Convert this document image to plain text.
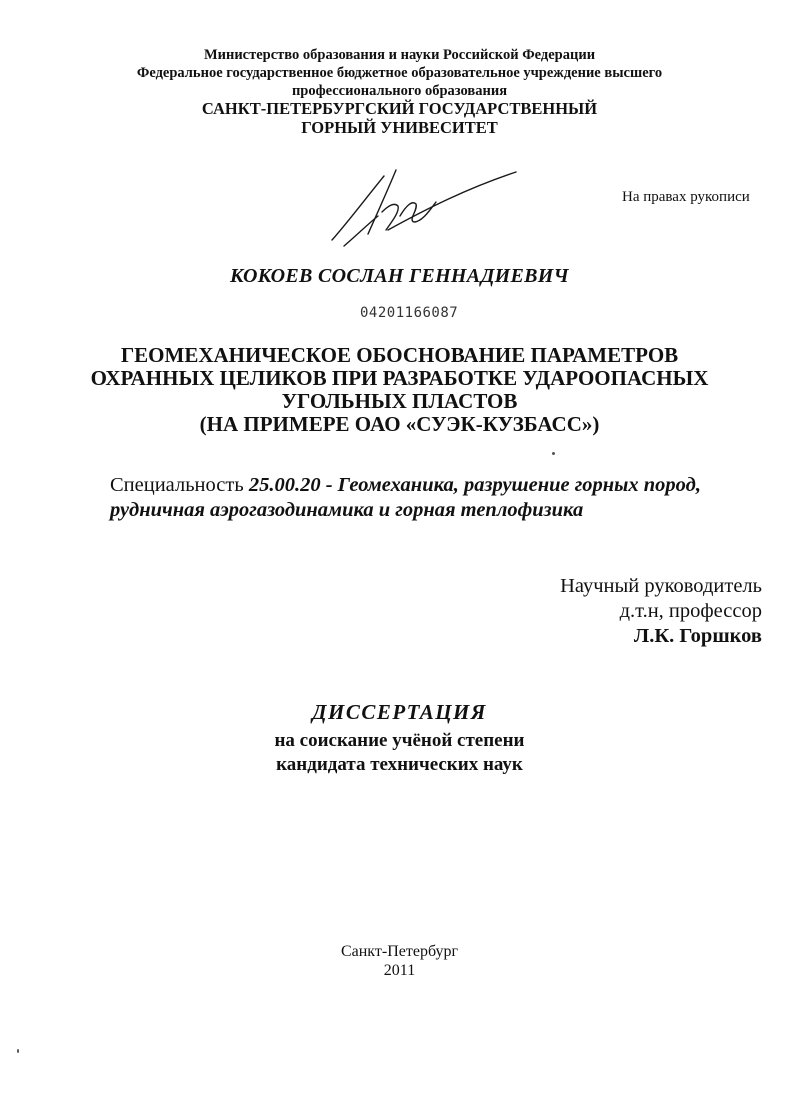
Министерство образования и науки Российской Федерации
Федеральное государственное бюджетное образовательное учреждение высшего
профессионального образования
САНКТ-ПЕТЕРБУРГСКИЙ ГОСУДАРСТВЕННЫЙ
ГОРНЫЙ УНИВЕСИТЕТ
На правах рукописи
КОКОЕВ СОСЛАН ГЕННАДИЕВИЧ
04201166087
ГЕОМЕХАНИЧЕСКОЕ ОБОСНОВАНИЕ ПАРАМЕТРОВ
ОХРАННЫХ ЦЕЛИКОВ ПРИ РАЗРАБОТКЕ УДАРООПАСНЫХ
УГОЛЬНЫХ ПЛАСТОВ
(НА ПРИМЕРЕ ОАО «СУЭК-КУЗБАСС»)
Специальность 25.00.20 - Геомеханика, разрушение горных пород,
рудничная аэрогазодинамика и горная теплофизика
Научный руководитель
д.т.н, профессор
Л.К. Горшков
ДИССЕРТАЦИЯ
на соискание учёной степени
кандидата технических наук
Санкт-Петербург
2011
